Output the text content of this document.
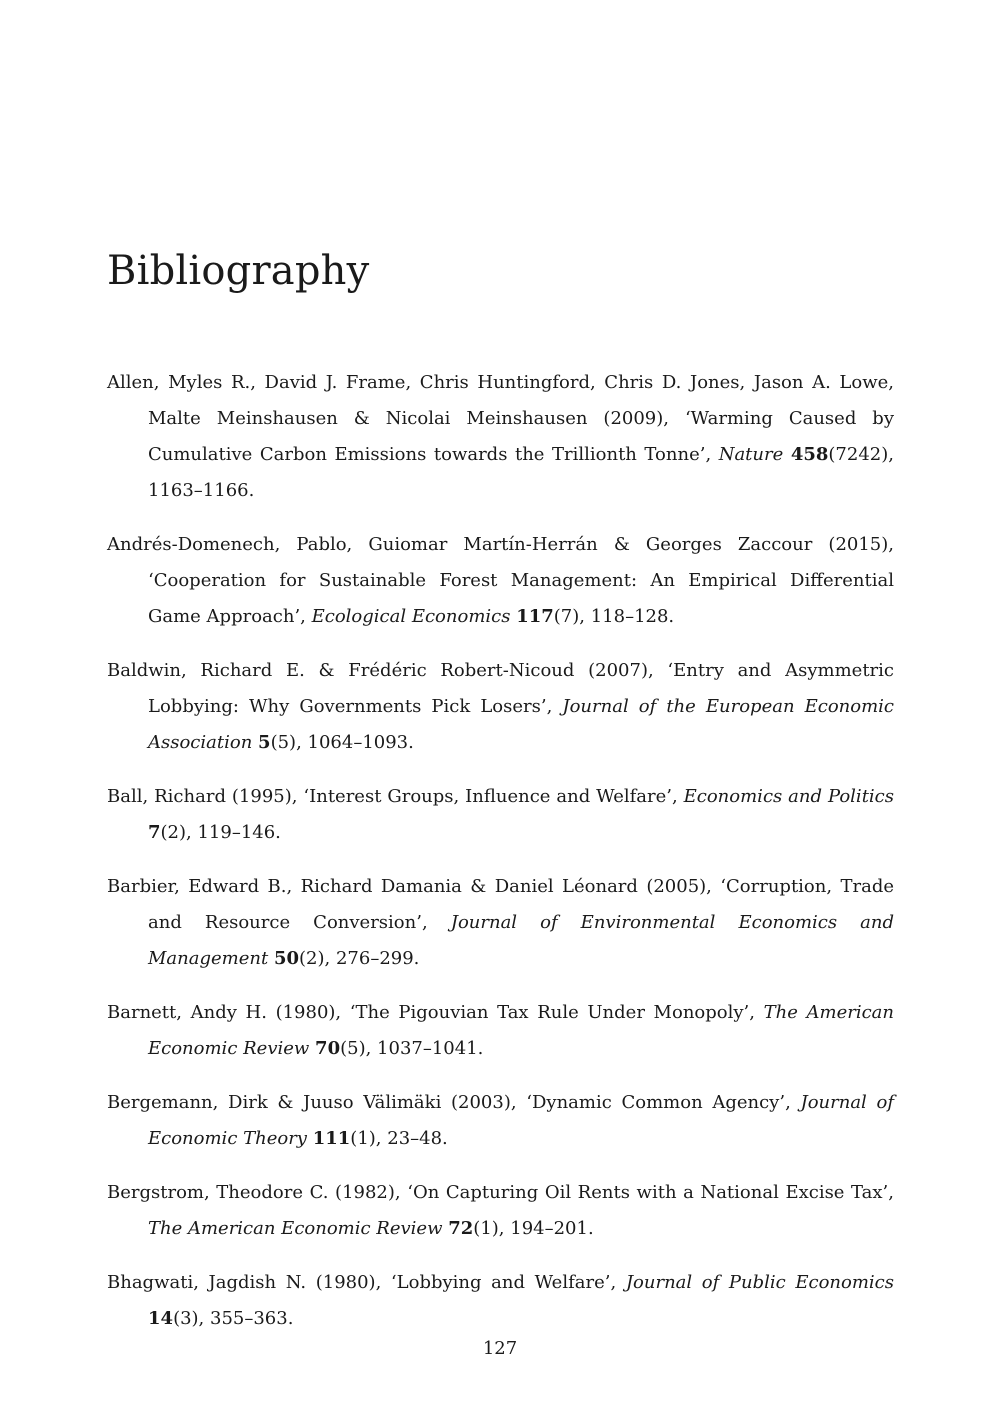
Bibliography

Allen, Myles R., David J. Frame, Chris Huntingford, Chris D. Jones, Jason A. Lowe, Malte Meinshausen & Nicolai Meinshausen (2009), ‘Warming Caused by Cumulative Carbon Emissions towards the Trillionth Tonne’, Nature 458(7242), 1163–1166.

Andrés-Domenech, Pablo, Guiomar Martín-Herrán & Georges Zaccour (2015), ‘Cooperation for Sustainable Forest Management: An Empirical Differential Game Approach’, Ecological Economics 117(7), 118–128.

Baldwin, Richard E. & Frédéric Robert-Nicoud (2007), ‘Entry and Asymmetric Lobbying: Why Governments Pick Losers’, Journal of the European Economic Association 5(5), 1064–1093.

Ball, Richard (1995), ‘Interest Groups, Influence and Welfare’, Economics and Politics 7(2), 119–146.

Barbier, Edward B., Richard Damania & Daniel Léonard (2005), ‘Corruption, Trade and Resource Conversion’, Journal of Environmental Economics and Management 50(2), 276–299.

Barnett, Andy H. (1980), ‘The Pigouvian Tax Rule Under Monopoly’, The American Economic Review 70(5), 1037–1041.

Bergemann, Dirk & Juuso Välimäki (2003), ‘Dynamic Common Agency’, Journal of Economic Theory 111(1), 23–48.

Bergstrom, Theodore C. (1982), ‘On Capturing Oil Rents with a National Excise Tax’, The American Economic Review 72(1), 194–201.

Bhagwati, Jagdish N. (1980), ‘Lobbying and Welfare’, Journal of Public Economics 14(3), 355–363.

127
